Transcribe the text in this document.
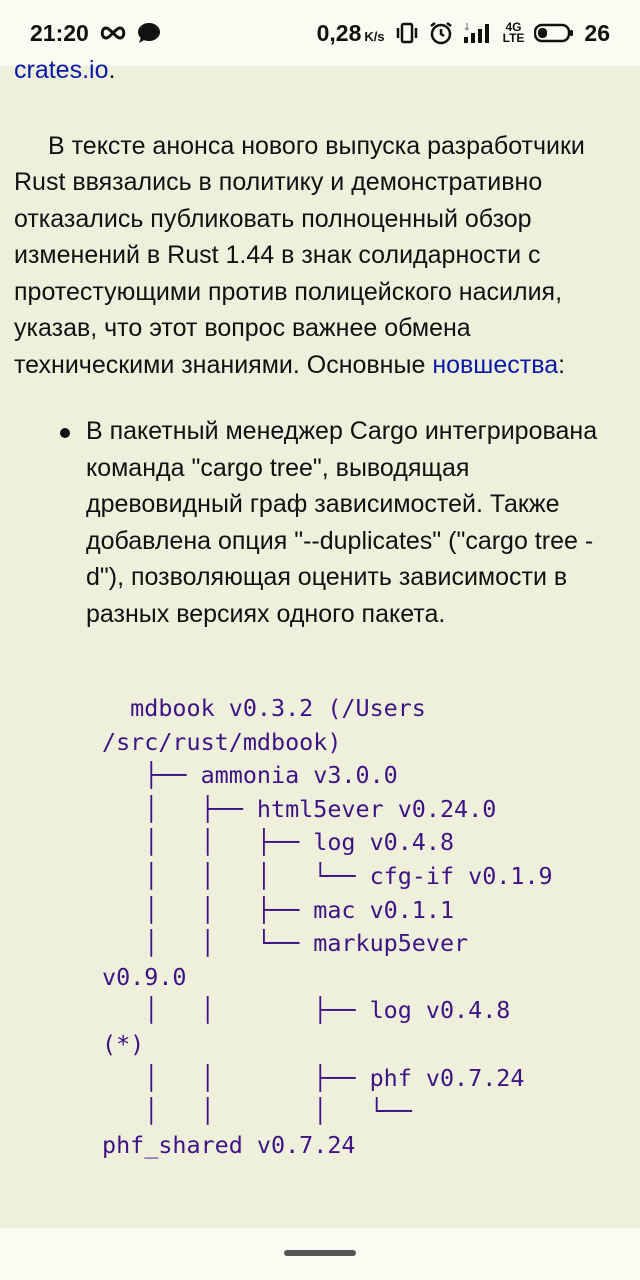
21:20	0,28 K/s
4G
LTE	26

crates.io.

В тексте анонса нового выпуска разработчики Rust ввязались в политику и демонстративно отказались публиковать полноценный обзор изменений в Rust 1.44 в знак солидарности с протестующими против полицейского насилия, указав, что этот вопрос важнее обмена техническими знаниями. Основные новшества:

В пакетный менеджер Cargo интегрирована команда "cargo tree", выводящая древовидный граф зависимостей. Также добавлена опция "--duplicates" ("cargo tree -d"), позволяющая оценить зависимости в разных версиях одного пакета.
mdbook v0.3.2 (/Users
/src/rust/mdbook)
├── ammonia v3.0.0
│   ├── html5ever v0.24.0
│   │   ├── log v0.4.8
│   │   │   └── cfg-if v0.1.9
│   │   ├── mac v0.1.1
│   │   └── markup5ever
v0.9.0
│   │       ├── log v0.4.8
(*)
│   │       ├── phf v0.7.24
│   │       │   └──
phf_shared v0.7.24
